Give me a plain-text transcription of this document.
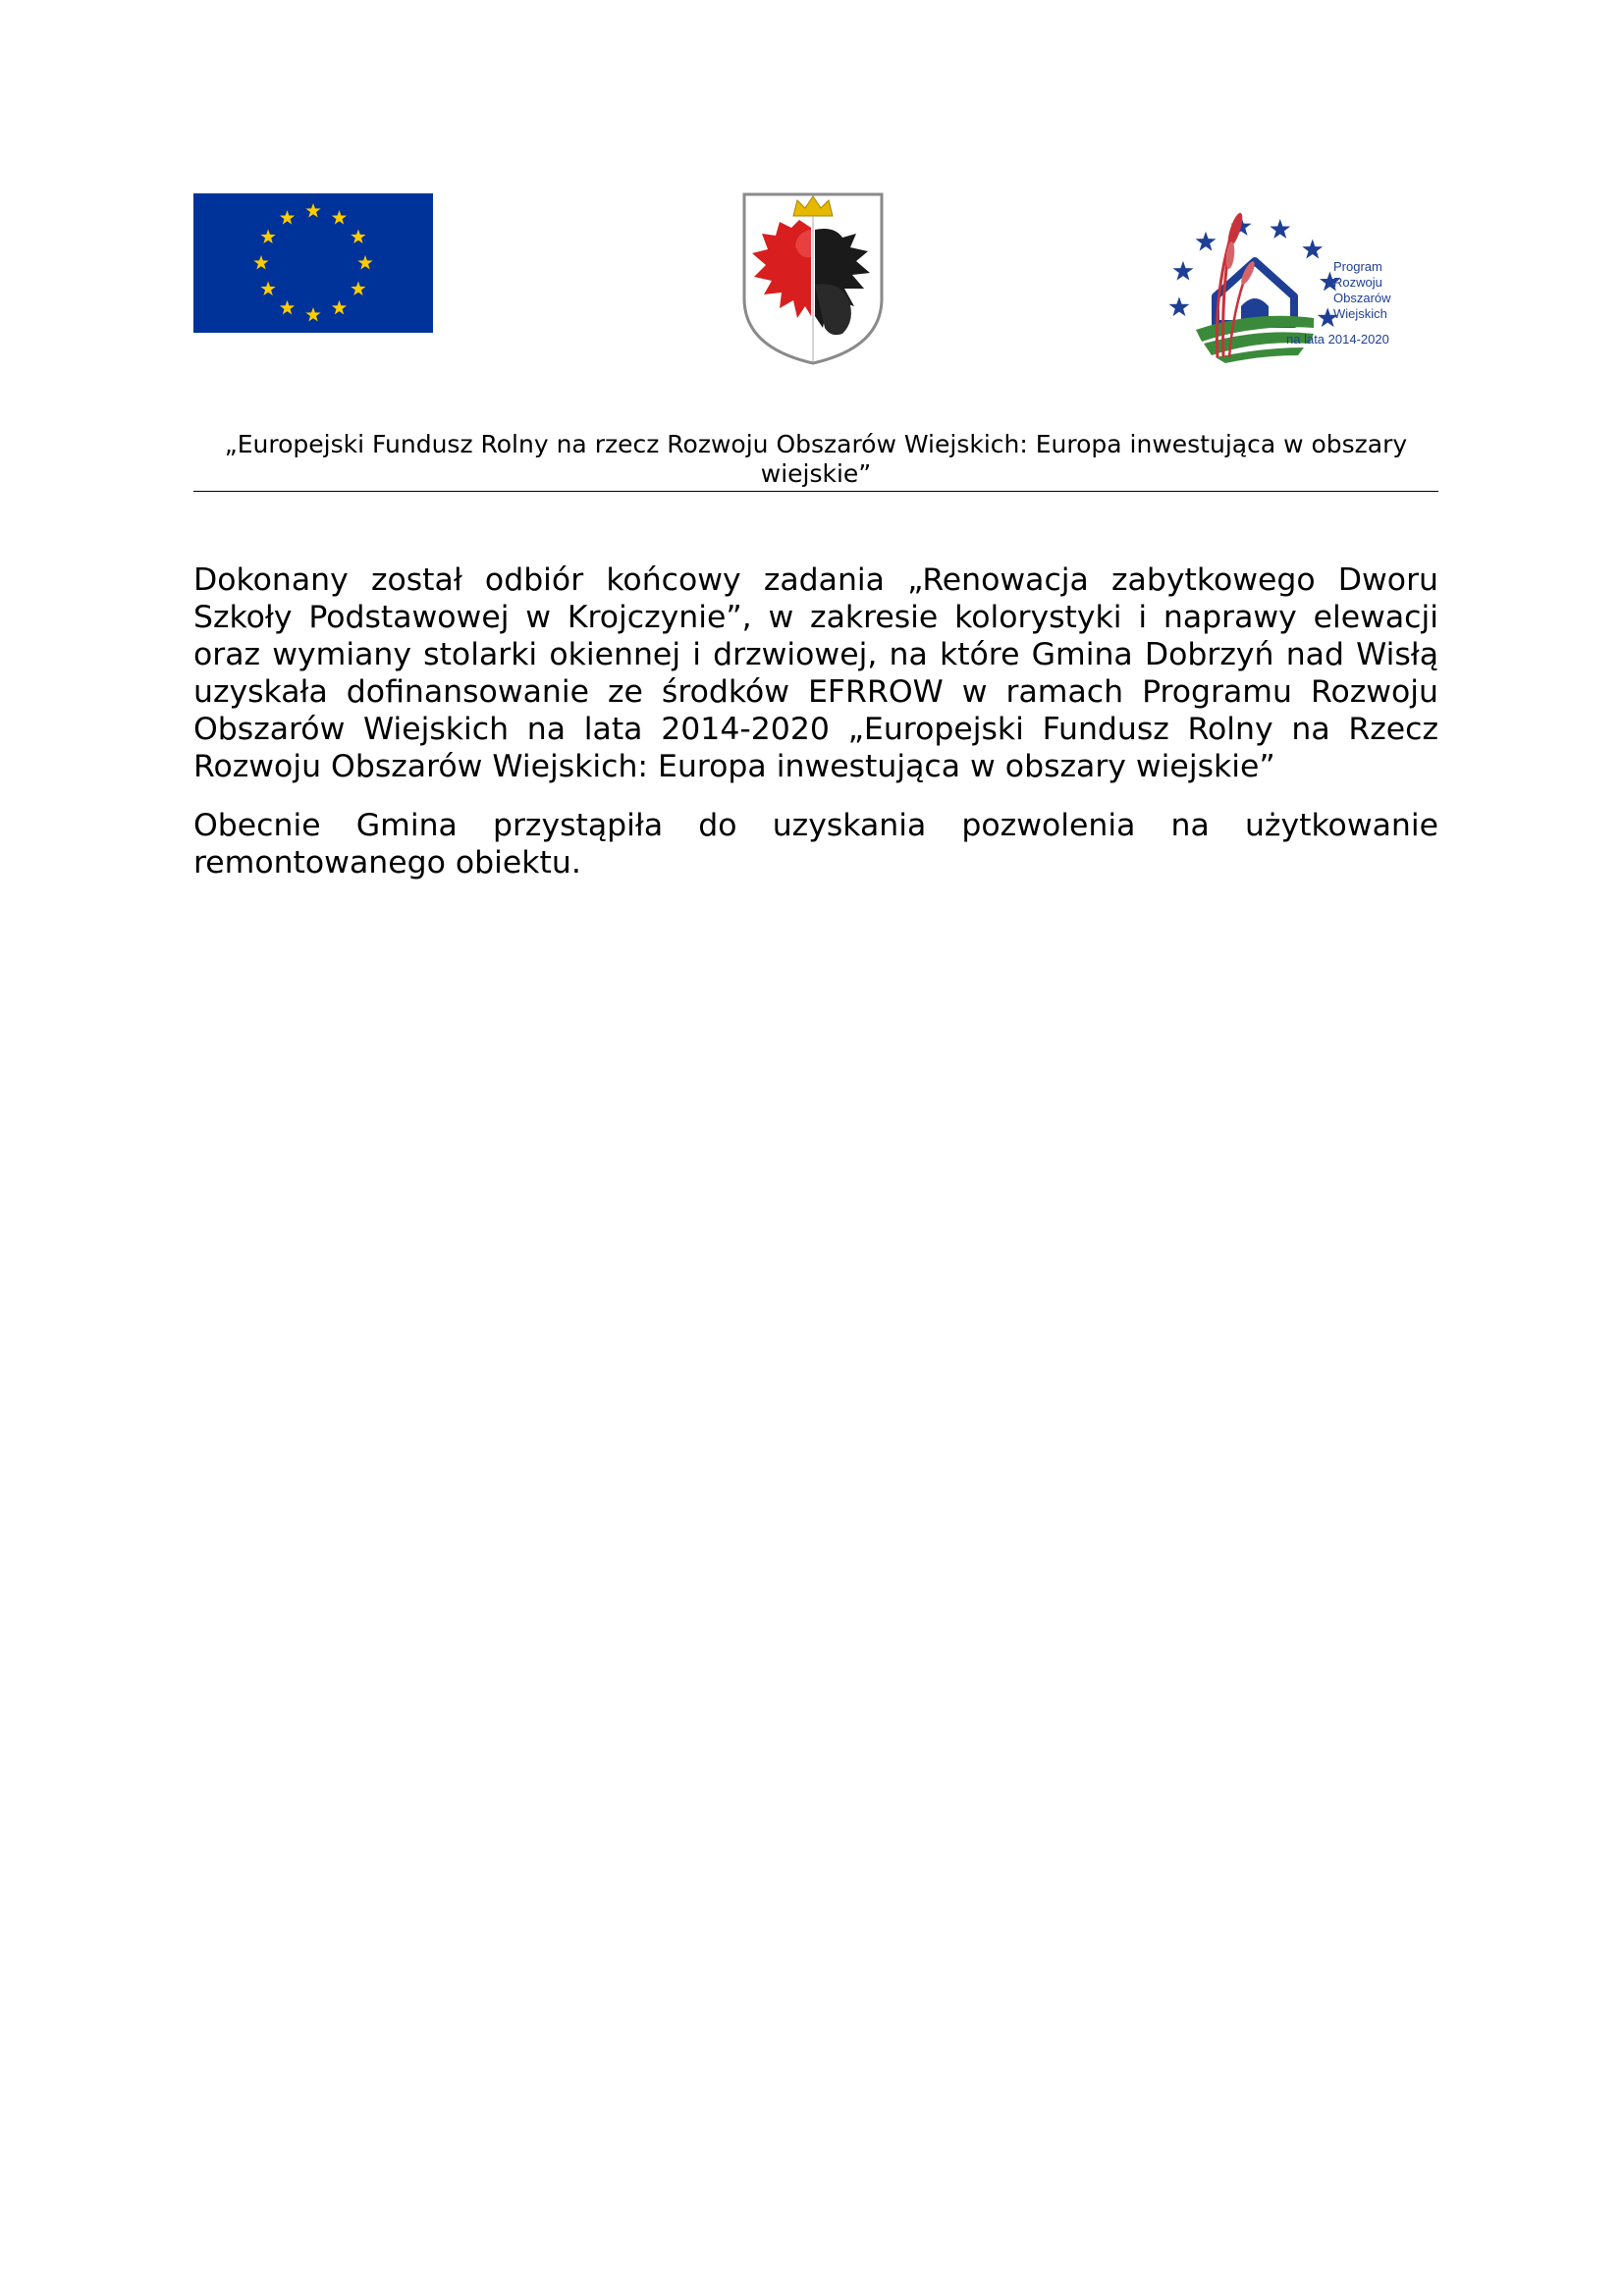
Program
Rozwoju
Obszarów
Wiejskich
na lata 2014-2020
„Europejski Fundusz Rolny na rzecz Rozwoju Obszarów Wiejskich: Europa inwestująca w obszary wiejskie”

Dokonany został odbiór końcowy zadania „Renowacja zabytkowego Dworu Szkoły Podstawowej w Krojczynie”, w zakresie kolorystyki i naprawy elewacji oraz wymiany stolarki okiennej i drzwiowej, na które Gmina Dobrzyń nad Wisłą uzyskała dofinansowanie ze środków EFRROW w ramach Programu Rozwoju Obszarów Wiejskich na lata 2014-2020 „Europejski Fundusz Rolny na Rzecz Rozwoju Obszarów Wiejskich: Europa inwestująca w obszary wiejskie”

Obecnie Gmina przystąpiła do uzyskania pozwolenia na użytkowanie remontowanego obiektu.
